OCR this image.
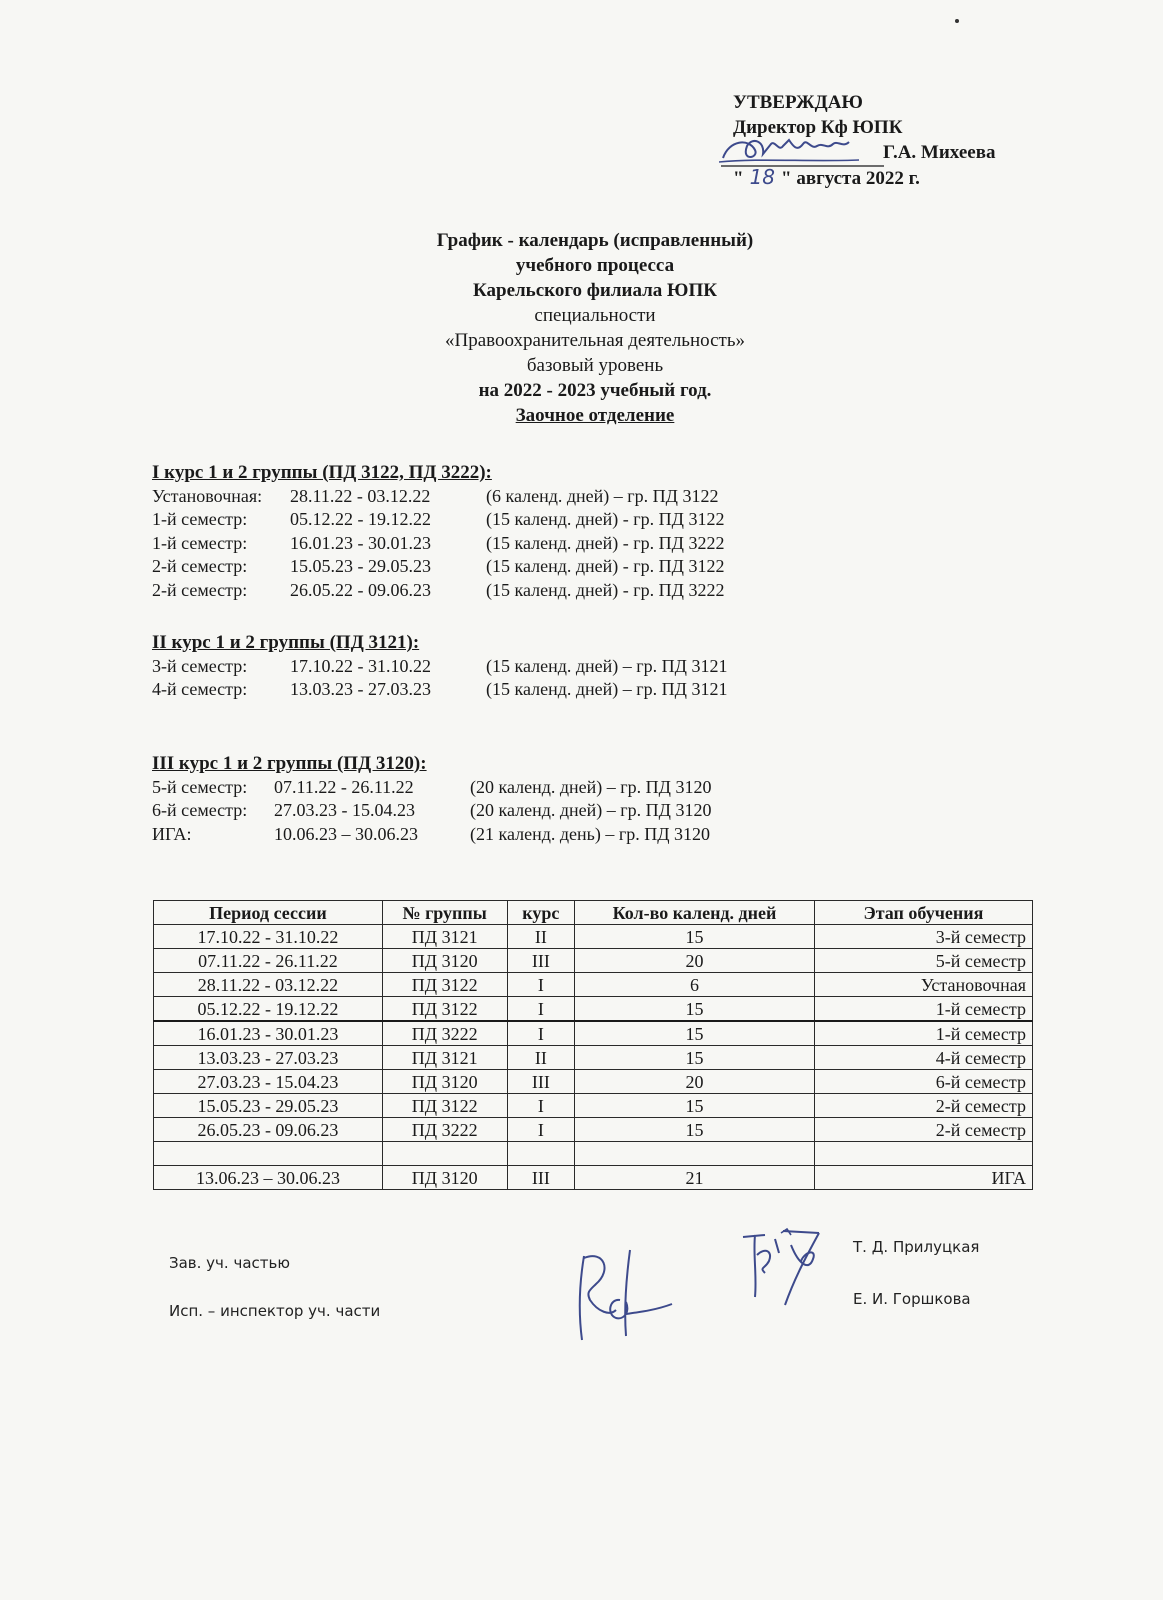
УТВЕРЖДАЮ
Директор Кф ЮПК
Г.А. Михеева
" 18 " августа 2022 г.
График - календарь (исправленный)
учебного процесса
Карельского филиала ЮПК
специальности
«Правоохранительная деятельность»
базовый уровень
на 2022 - 2023 учебный год.
Заочное отделение
I курс 1 и 2 группы (ПД 3122, ПД 3222):
Установочная:	28.11.22 - 03.12.22	(6 календ. дней) – гр. ПД 3122
1-й семестр:	05.12.22 - 19.12.22	(15 календ. дней) - гр. ПД 3122
1-й семестр:	16.01.23 - 30.01.23	(15 календ. дней) - гр. ПД 3222
2-й семестр:	15.05.23 - 29.05.23	(15 календ. дней) - гр. ПД 3122
2-й семестр:	26.05.22 - 09.06.23	(15 календ. дней) - гр. ПД 3222
II курс 1 и 2 группы (ПД 3121):
3-й семестр:	17.10.22 - 31.10.22	(15 календ. дней) – гр. ПД 3121
4-й семестр:	13.03.23 - 27.03.23	(15 календ. дней) – гр. ПД 3121
III курс 1 и 2 группы (ПД 3120):
5-й семестр:	07.11.22 - 26.11.22	(20 календ. дней) – гр. ПД 3120
6-й семестр:	27.03.23 - 15.04.23	(20 календ. дней) – гр. ПД 3120
ИГА:	10.06.23 – 30.06.23	(21 календ. день) – гр. ПД 3120
Период сессии	№ группы	курс	Кол-во календ. дней	Этап обучения
17.10.22 - 31.10.22	ПД 3121	II	15	3-й семестр
07.11.22 - 26.11.22	ПД 3120	III	20	5-й семестр
28.11.22 - 03.12.22	ПД 3122	I	6	Установочная
05.12.22 - 19.12.22	ПД 3122	I	15	1-й семестр
16.01.23 - 30.01.23	ПД 3222	I	15	1-й семестр
13.03.23 - 27.03.23	ПД 3121	II	15	4-й семестр
27.03.23 - 15.04.23	ПД 3120	III	20	6-й семестр
15.05.23 - 29.05.23	ПД 3122	I	15	2-й семестр
26.05.23 - 09.06.23	ПД 3222	I	15	2-й семестр

13.06.23 – 30.06.23	ПД 3120	III	21	ИГА
Зав. уч. частью
Исп. – инспектор уч. части
Т. Д. Прилуцкая
Е. И. Горшкова
